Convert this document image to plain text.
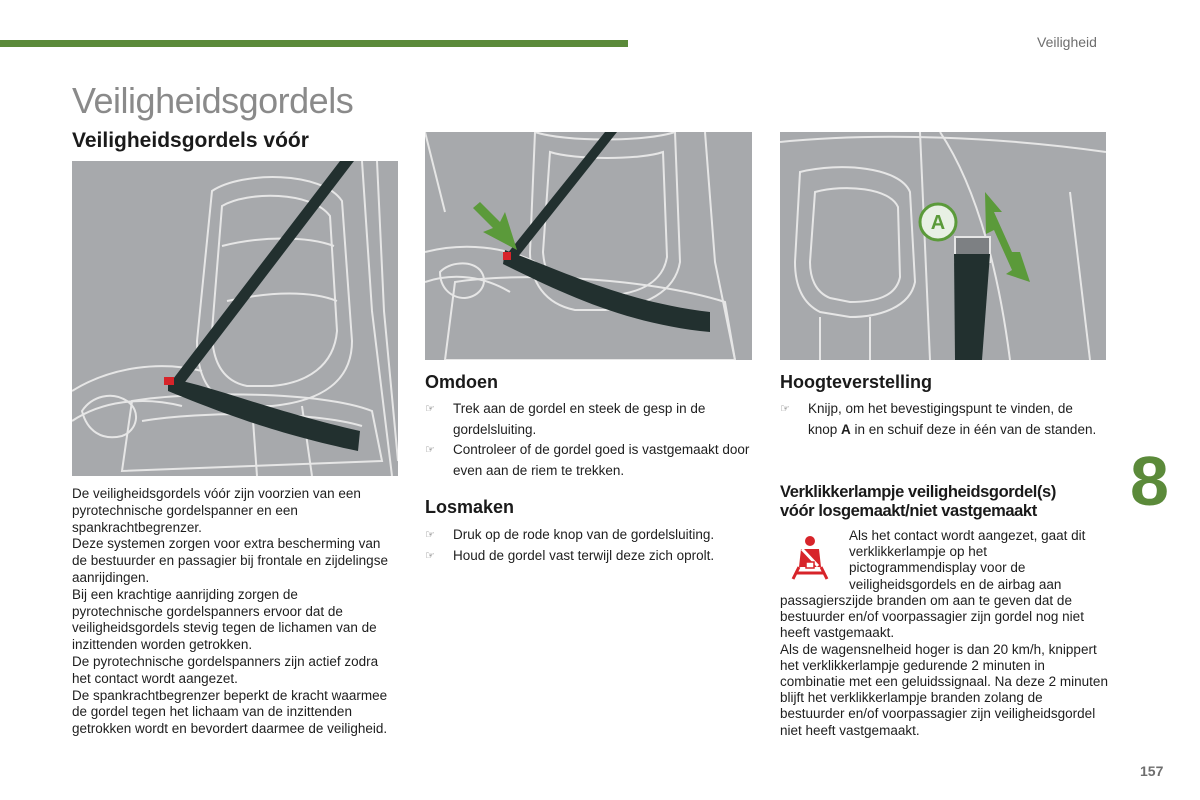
Veiligheid
Veiligheidsgordels
Veiligheidsgordels vóór
A

De veiligheidsgordels vóór zijn voorzien van een pyrotechnische gordelspanner en een spankrachtbegrenzer.

Deze systemen zorgen voor extra bescherming van de bestuurder en passagier bij frontale en zijdelingse aanrijdingen.

Bij een krachtige aanrijding zorgen de pyrotechnische gordelspanners ervoor dat de veiligheidsgordels stevig tegen de lichamen van de inzittenden worden getrokken.

De pyrotechnische gordelspanners zijn actief zodra het contact wordt aangezet.

De spankrachtbegrenzer beperkt de kracht waarmee de gordel tegen het lichaam van de inzittenden getrokken wordt en bevordert daarmee de veiligheid.

Omdoen
☞ Trek aan de gordel en steek de gesp in de gordelsluiting.
☞ Controleer of de gordel goed is vastgemaakt door even aan de riem te trekken.
Losmaken
☞ Druk op de rode knop van de gordelsluiting.
☞ Houd de gordel vast terwijl deze zich oprolt.
Hoogteverstelling
☞ Knijp, om het bevestigingspunt te vinden, de knop A in en schuif deze in één van de standen.
Verklikkerlampje veiligheidsgordel(s)
vóór losgemaakt/niet vastgemaakt

Als het contact wordt aangezet, gaat dit verklikkerlampje op het pictogrammendisplay voor de veiligheidsgordels en de airbag aan

passagierszijde branden om aan te geven dat de bestuurder en/of voorpassagier zijn gordel nog niet heeft vastgemaakt.

Als de wagensnelheid hoger is dan 20 km/h, knippert het verklikkerlampje gedurende 2 minuten in combinatie met een geluidssignaal. Na deze 2 minuten blijft het verklikkerlampje branden zolang de bestuurder en/of voorpassagier zijn veiligheidsgordel niet heeft vastgemaakt.

8
157
